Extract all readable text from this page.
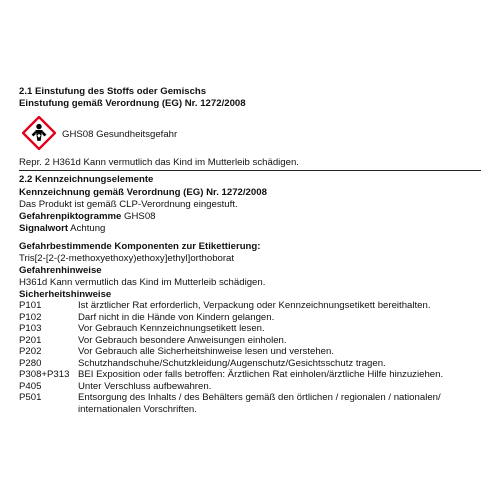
2.1 Einstufung des Stoffs oder Gemischs
Einstufung gemäß Verordnung (EG) Nr. 1272/2008
GHS08 Gesundheitsgefahr
Repr. 2 H361d Kann vermutlich das Kind im Mutterleib schädigen.
2.2 Kennzeichnungselemente
Kennzeichnung gemäß Verordnung (EG) Nr. 1272/2008
Das Produkt ist gemäß CLP-Verordnung eingestuft.
Gefahrenpiktogramme GHS08
Signalwort Achtung
Gefahrbestimmende Komponenten zur Etikettierung:
Tris[2-[2-(2-methoxyethoxy)ethoxy]ethyl]orthoborat
Gefahrenhinweise
H361d Kann vermutlich das Kind im Mutterleib schädigen.
Sicherheitshinweise
P101	Ist ärztlicher Rat erforderlich, Verpackung oder Kennzeichnungsetikett bereithalten.
P102	Darf nicht in die Hände von Kindern gelangen.
P103	Vor Gebrauch Kennzeichnungsetikett lesen.
P201	Vor Gebrauch besondere Anweisungen einholen.
P202	Vor Gebrauch alle Sicherheitshinweise lesen und verstehen.
P280	Schutzhandschuhe/Schutzkleidung/Augenschutz/Gesichtsschutz tragen.
P308+P313 BEI Exposition oder falls betroffen: Ärztlichen Rat einholen/ärztliche Hilfe hinzuziehen.
P405	Unter Verschluss aufbewahren.
P501	Entsorgung des Inhalts / des Behälters gemäß den örtlichen / regionalen / nationalen/
internationalen Vorschriften.
